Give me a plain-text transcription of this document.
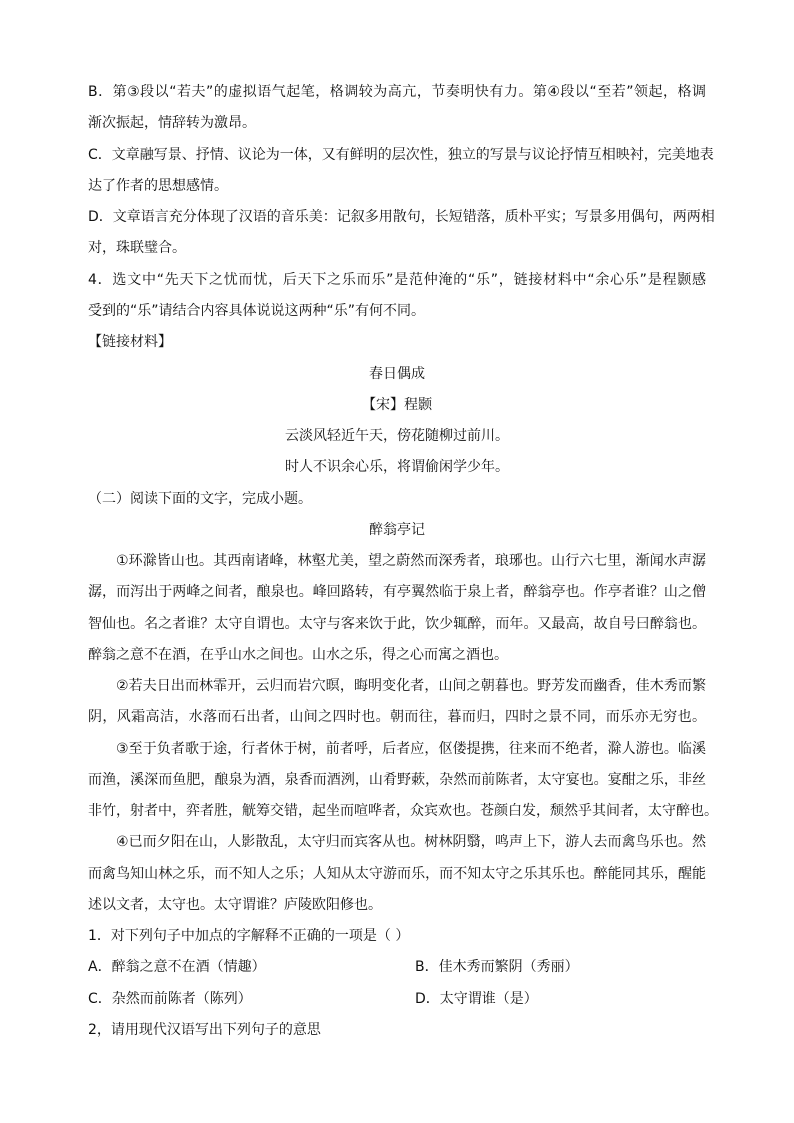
B．第③段以“若夫”的虚拟语气起笔，格调较为高亢，节奏明快有力。第④段以“至若”领起，格调
渐次振起，情辞转为激昂。
C．文章融写景、抒情、议论为一体，又有鲜明的层次性，独立的写景与议论抒情互相映衬，完美地表
达了作者的思想感情。
D．文章语言充分体现了汉语的音乐美：记叙多用散句，长短错落，质朴平实；写景多用偶句，两两相
对，珠联璧合。
4．选文中“先天下之忧而忧，后天下之乐而乐”是范仲淹的“乐”，链接材料中“余心乐”是程颢感
受到的“乐”请结合内容具体说说这两种“乐”有何不同。
【链接材料】
春日偶成
【宋】程颢
云淡风轻近午天，傍花随柳过前川。
时人不识余心乐，将谓偷闲学少年。
（二）阅读下面的文字，完成小题。
醉翁亭记
①环滁皆山也。其西南诸峰，林壑尤美，望之蔚然而深秀者，琅琊也。山行六七里，渐闻水声潺
潺，而泻出于两峰之间者，酿泉也。峰回路转，有亭翼然临于泉上者，醉翁亭也。作亭者谁？山之僧
智仙也。名之者谁？太守自谓也。太守与客来饮于此，饮少辄醉，而年。又最高，故自号曰醉翁也。
醉翁之意不在酒，在乎山水之间也。山水之乐，得之心而寓之酒也。
②若夫日出而林霏开，云归而岩穴暝，晦明变化者，山间之朝暮也。野芳发而幽香，佳木秀而繁
阴，风霜高洁，水落而石出者，山间之四时也。朝而往，暮而归，四时之景不同，而乐亦无穷也。
③至于负者歌于途，行者休于树，前者呼，后者应，伛偻提携，往来而不绝者，滁人游也。临溪
而渔，溪深而鱼肥，酿泉为酒，泉香而酒洌，山肴野蔌，杂然而前陈者，太守宴也。宴酣之乐，非丝
非竹，射者中，弈者胜，觥筹交错，起坐而喧哗者，众宾欢也。苍颜白发，颓然乎其间者，太守醉也。
④已而夕阳在山，人影散乱，太守归而宾客从也。树林阴翳，鸣声上下，游人去而禽鸟乐也。然
而禽鸟知山林之乐，而不知人之乐；人知从太守游而乐，而不知太守之乐其乐也。醉能同其乐，醒能
述以文者，太守也。太守谓谁？庐陵欧阳修也。
1．对下列句子中加点的字解释不正确的一项是（ ）
A．醉翁之意不在酒（情趣）	B．佳木秀而繁阴（秀丽）
C．杂然而前陈者（陈列）	D．太守谓谁（是）
2，请用现代汉语写出下列句子的意思
